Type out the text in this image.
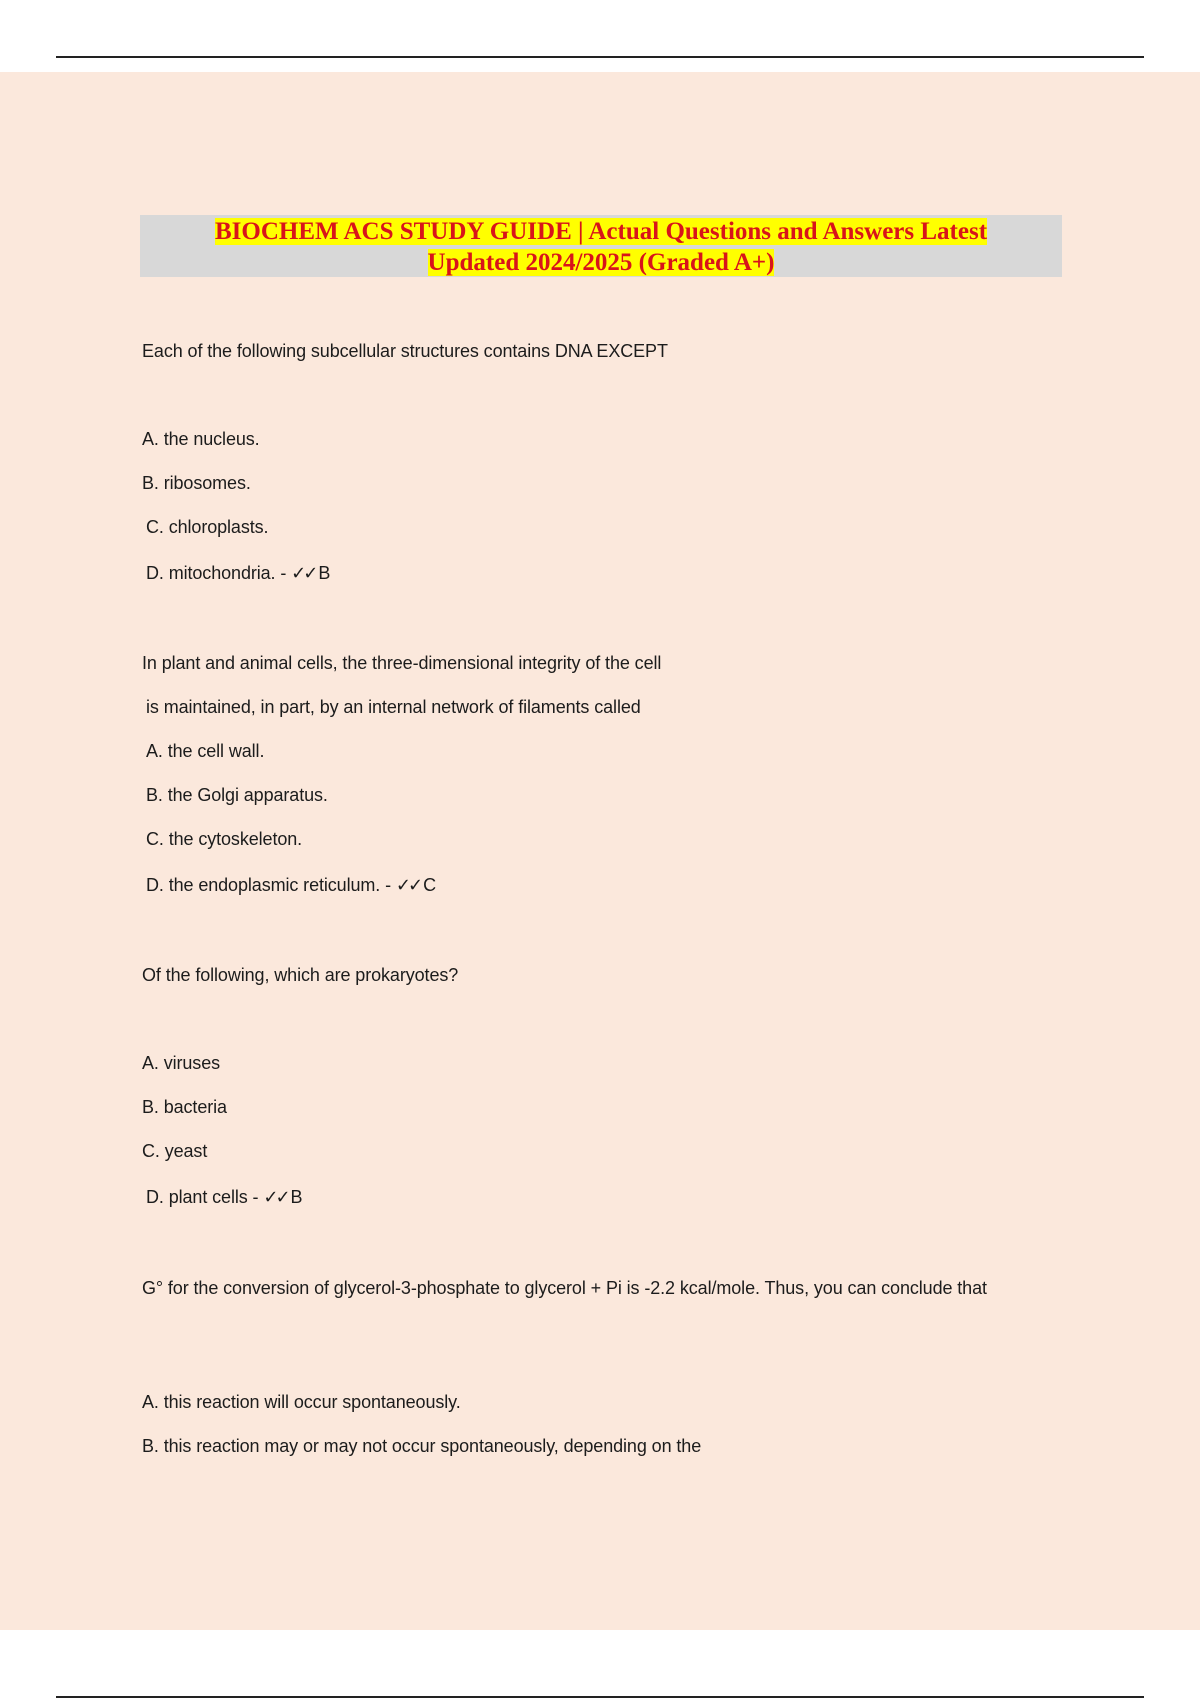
BIOCHEM ACS STUDY GUIDE | Actual Questions and Answers Latest
Updated 2024/2025 (Graded A+)
Each of the following subcellular structures contains DNA EXCEPT
A. the nucleus.
B. ribosomes.
C. chloroplasts.
D. mitochondria. - ✓✓ B
In plant and animal cells, the three-dimensional integrity of the cell
is maintained, in part, by an internal network of filaments called
A. the cell wall.
B. the Golgi apparatus.
C. the cytoskeleton.
D. the endoplasmic reticulum. - ✓✓ C
Of the following, which are prokaryotes?
A. viruses
B. bacteria
C. yeast
D. plant cells - ✓✓ B
G° for the conversion of glycerol-3-phosphate to glycerol + Pi is -2.2 kcal/mole. Thus, you can conclude that
A. this reaction will occur spontaneously.
B. this reaction may or may not occur spontaneously, depending on the
